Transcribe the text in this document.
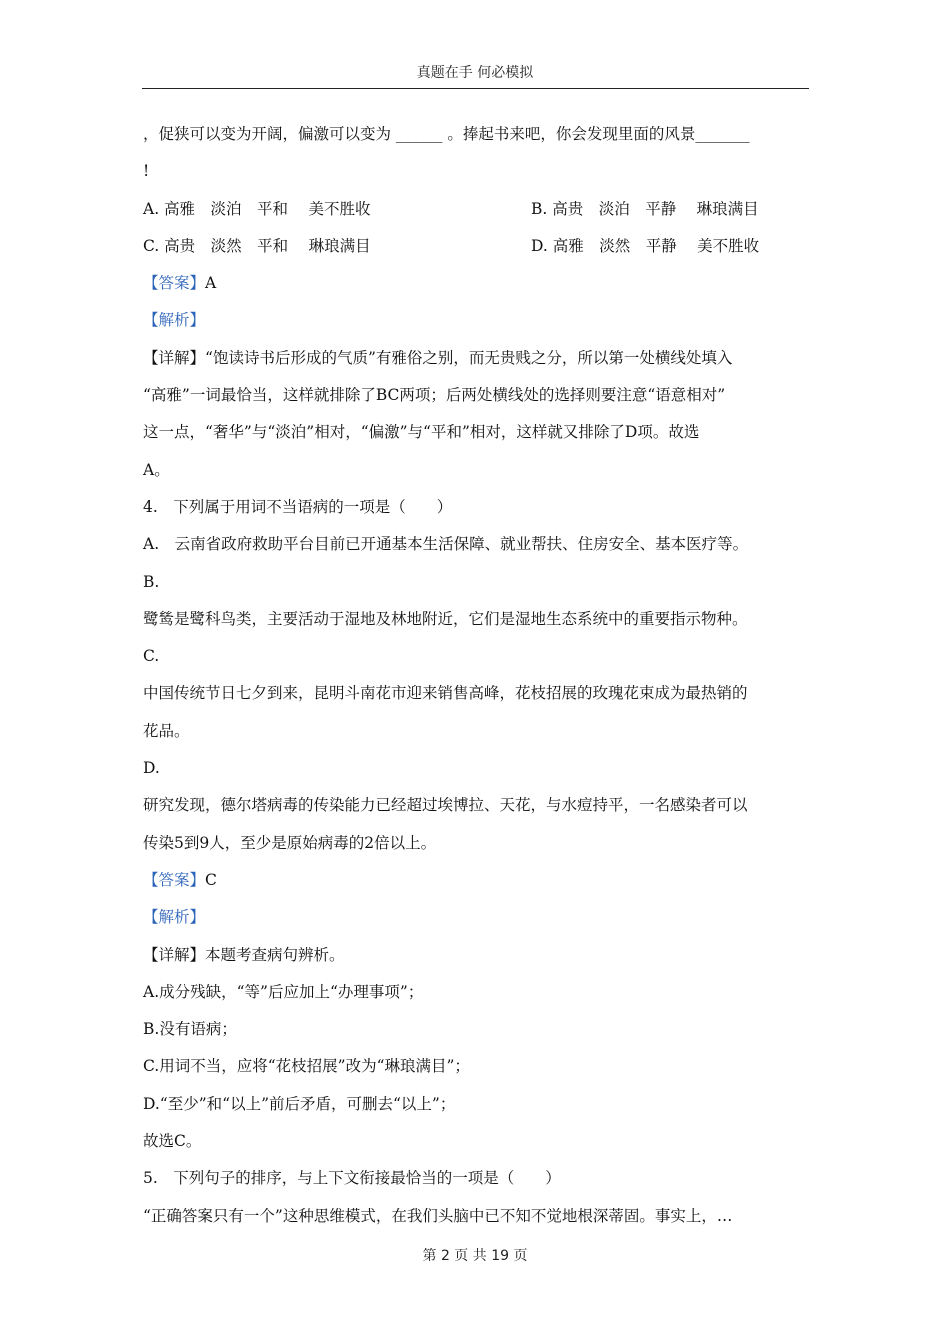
真题在手 何必模拟
，促狭可以变为开阔，偏激可以变为 ______ 。捧起书来吧，你会发现里面的风景_______
!
A. 高雅　淡泊　平和　 美不胜收	B. 高贵　淡泊　平静　 琳琅满目
C. 高贵　淡然　平和　 琳琅满目	D. 高雅　淡然　平静　 美不胜收
【答案】A
【解析】
【详解】“饱读诗书后形成的气质”有雅俗之别，而无贵贱之分，所以第一处横线处填入
“高雅”一词最恰当，这样就排除了BC两项；后两处横线处的选择则要注意“语意相对”
这一点，“奢华”与“淡泊”相对，“偏激”与“平和”相对，这样就又排除了D项。故选
A。
4.　下列属于用词不当语病的一项是（　　）
A.　云南省政府救助平台目前已开通基本生活保障、就业帮扶、住房安全、基本医疗等。
B.
鹭鸶是鹭科鸟类，主要活动于湿地及林地附近，它们是湿地生态系统中的重要指示物种。
C.
中国传统节日七夕到来，昆明斗南花市迎来销售高峰，花枝招展的玫瑰花束成为最热销的
花品。
D.
研究发现，德尔塔病毒的传染能力已经超过埃博拉、天花，与水痘持平，一名感染者可以
传染5到9人，至少是原始病毒的2倍以上。
【答案】C
【解析】
【详解】本题考查病句辨析。
A.成分残缺，“等”后应加上“办理事项”；
B.没有语病；
C.用词不当，应将“花枝招展”改为“琳琅满目”；
D.“至少”和“以上”前后矛盾，可删去“以上”；
故选C。
5.　下列句子的排序，与上下文衔接最恰当的一项是（　　）
“正确答案只有一个”这种思维模式，在我们头脑中已不知不觉地根深蒂固。事实上，…
第 2 页 共 19 页
